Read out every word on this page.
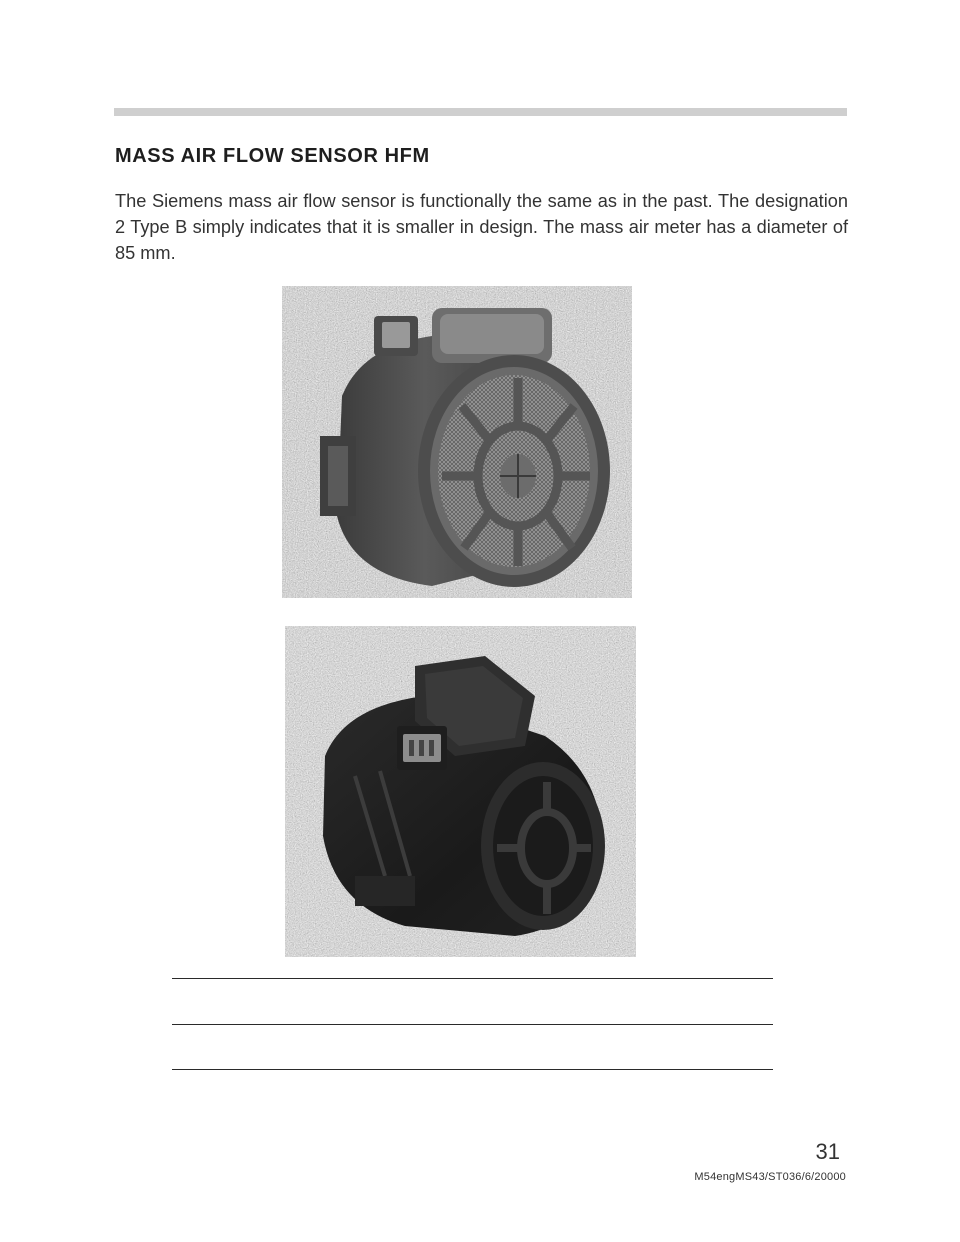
MASS AIR FLOW SENSOR HFM

The Siemens mass air flow sensor is functionally the same as in the past. The designation 2 Type B simply indicates that it is smaller in design. The mass air meter has a diameter of 85 mm.

31
M54engMS43/ST036/6/20000
